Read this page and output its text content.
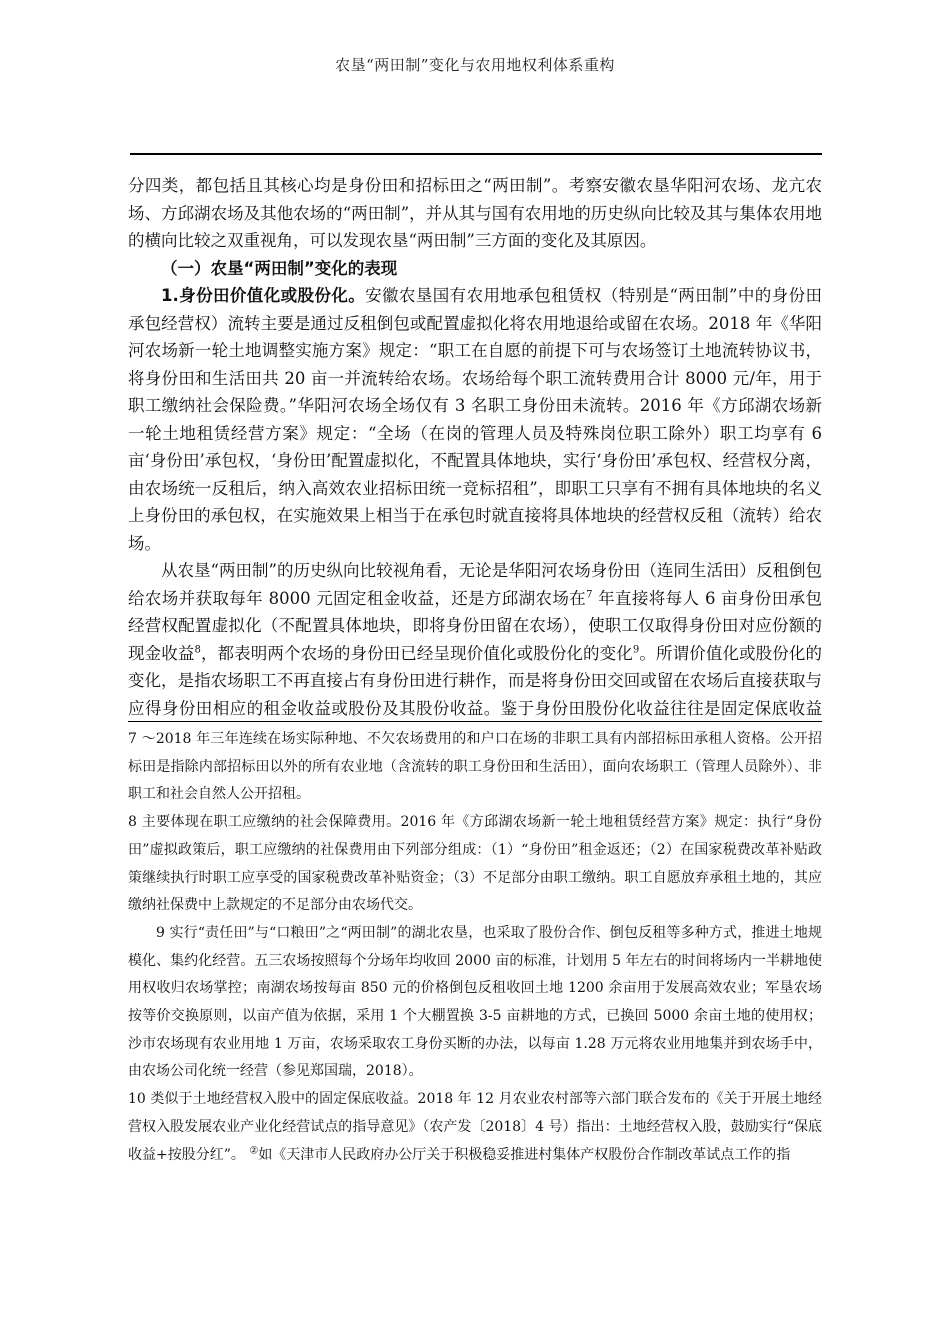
农垦“两田制”变化与农用地权利体系重构

分四类，都包括且其核心均是身份田和招标田之“两田制”。考察安徽农垦华阳河农场、龙亢农场、方邱湖农场及其他农场的“两田制”，并从其与国有农用地的历史纵向比较及其与集体农用地的横向比较之双重视角，可以发现农垦“两田制”三方面的变化及其原因。

（一）农垦“两田制”变化的表现

1.身份田价值化或股份化。安徽农垦国有农用地承包租赁权（特别是“两田制”中的身份田承包经营权）流转主要是通过反租倒包或配置虚拟化将农用地退给或留在农场。2018 年《华阳河农场新一轮土地调整实施方案》规定：“职工在自愿的前提下可与农场签订土地流转协议书，将身份田和生活田共 20 亩一并流转给农场。农场给每个职工流转费用合计 8000 元/年，用于职工缴纳社会保险费。”华阳河农场全场仅有 3 名职工身份田未流转。2016 年《方邱湖农场新一轮土地租赁经营方案》规定：“全场（在岗的管理人员及特殊岗位职工除外）职工均享有 6 亩‘身份田’承包权，‘身份田’配置虚拟化，不配置具体地块，实行‘身份田’承包权、经营权分离，由农场统一反租后，纳入高效农业招标田统一竞标招租”，即职工只享有不拥有具体地块的名义上身份田的承包权，在实施效果上相当于在承包时就直接将具体地块的经营权反租（流转）给农场。

从农垦“两田制”的历史纵向比较视角看，无论是华阳河农场身份田（连同生活田）反租倒包给农场并获取每年 8000 元固定租金收益，还是方邱湖农场在$^7$ 年直接将每人 6 亩身份田承包经营权配置虚拟化（不配置具体地块，即将身份田留在农场），使职工仅取得身份田对应份额的现金收益$^8$，都表明两个农场的身份田已经呈现价值化或股份化的变化$^9$。所谓价值化或股份化的变化，是指农场职工不再直接占有身份田进行耕作，而是将身份田交回或留在农场后直接获取与应得身份田相应的租金收益或股份及其股份收益。鉴于身份田股份化收益往往是固定保底收益

7 ～2018 年三年连续在场实际种地、不欠农场费用的和户口在场的非职工具有内部招标田承租人资格。公开招标田是指除内部招标田以外的所有农业地（含流转的职工身份田和生活田），面向农场职工（管理人员除外）、非职工和社会自然人公开招租。

8 主要体现在职工应缴纳的社会保障费用。2016 年《方邱湖农场新一轮土地租赁经营方案》规定：执行“身份田”虚拟政策后，职工应缴纳的社保费用由下列部分组成：（1）“身份田”租金返还；（2）在国家税费改革补贴政策继续执行时职工应享受的国家税费改革补贴资金；（3）不足部分由职工缴纳。职工自愿放弃承租土地的，其应缴纳社保费中上款规定的不足部分由农场代交。

9 实行“责任田”与“口粮田”之“两田制”的湖北农垦，也采取了股份合作、倒包反租等多种方式，推进土地规模化、集约化经营。五三农场按照每个分场年均收回 2000 亩的标准，计划用 5 年左右的时间将场内一半耕地使用权收归农场掌控；南湖农场按每亩 850 元的价格倒包反租收回土地 1200 余亩用于发展高效农业；军垦农场按等价交换原则，以亩产值为依据，采用 1 个大棚置换 3-5 亩耕地的方式，已换回 5000 余亩土地的使用权；沙市农场现有农业用地 1 万亩，农场采取农工身份买断的办法，以每亩 1.28 万元将农业用地集并到农场手中，由农场公司化统一经营（参见郑国瑞，2018）。

10 类似于土地经营权入股中的固定保底收益。2018 年 12 月农业农村部等六部门联合发布的《关于开展土地经营权入股发展农业产业化经营试点的指导意见》（农产发〔2018〕4 号）指出：土地经营权入股，鼓励实行“保底收益+按股分红”。 ②如《天津市人民政府办公厅关于积极稳妥推进村集体产权股份合作制改革试点工作的指
